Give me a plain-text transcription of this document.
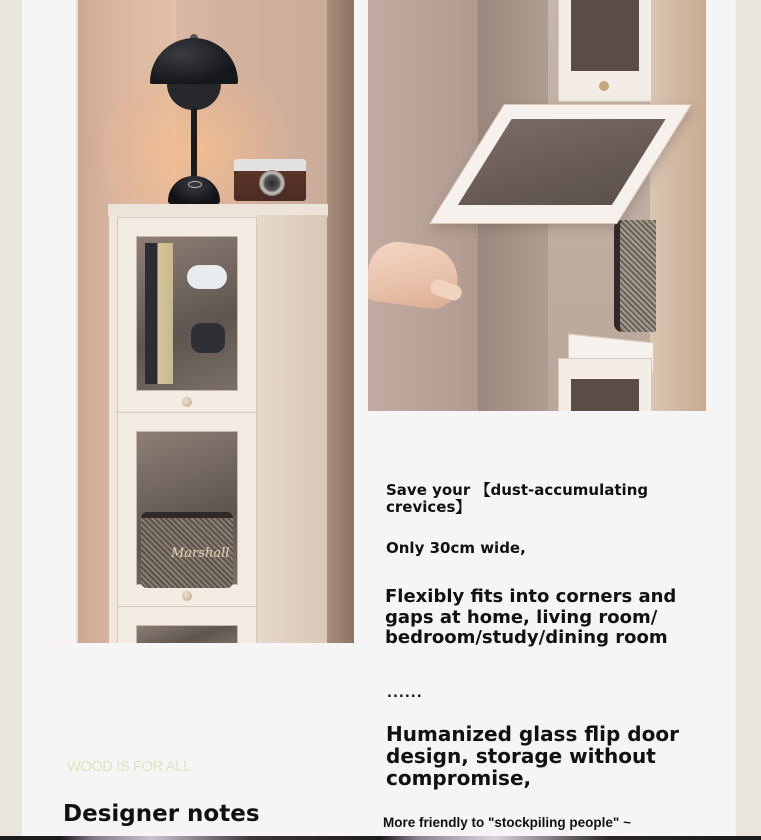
Marshall

Save your 【dust-accumulating crevices】

Only 30cm wide,

Flexibly fits into corners and gaps at home, living room/ bedroom/study/dining room

......

Humanized glass flip door design, storage without compromise,

More friendly to "stockpiling people" ~

WOOD IS FOR ALL

Designer notes
